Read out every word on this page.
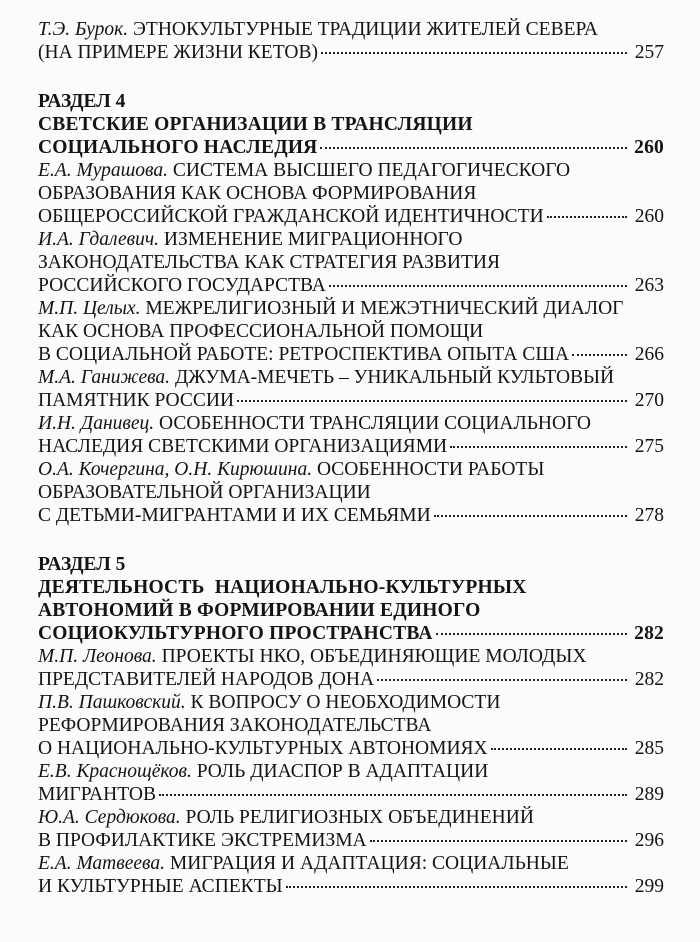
Т.Э. Бурок. ЭТНОКУЛЬТУРНЫЕ ТРАДИЦИИ ЖИТЕЛЕЙ СЕВЕРА
(НА ПРИМЕРЕ ЖИЗНИ КЕТОВ)	257
РАЗДЕЛ 4
СВЕТСКИЕ ОРГАНИЗАЦИИ В ТРАНСЛЯЦИИ
СОЦИАЛЬНОГО НАСЛЕДИЯ	260
Е.А. Мурашова. СИСТЕМА ВЫСШЕГО ПЕДАГОГИЧЕСКОГО
ОБРАЗОВАНИЯ КАК ОСНОВА ФОРМИРОВАНИЯ
ОБЩЕРОССИЙСКОЙ ГРАЖДАНСКОЙ ИДЕНТИЧНОСТИ	260
И.А. Гдалевич. ИЗМЕНЕНИЕ МИГРАЦИОННОГО
ЗАКОНОДАТЕЛЬСТВА КАК СТРАТЕГИЯ РАЗВИТИЯ
РОССИЙСКОГО ГОСУДАРСТВА	263
М.П. Целых. МЕЖРЕЛИГИОЗНЫЙ И МЕЖЭТНИЧЕСКИЙ ДИАЛОГ
КАК ОСНОВА ПРОФЕССИОНАЛЬНОЙ ПОМОЩИ
В СОЦИАЛЬНОЙ РАБОТЕ: РЕТРОСПЕКТИВА ОПЫТА США	266
М.А. Ганижева. ДЖУМА-МЕЧЕТЬ – УНИКАЛЬНЫЙ КУЛЬТОВЫЙ
ПАМЯТНИК РОССИИ	270
И.Н. Данивец. ОСОБЕННОСТИ ТРАНСЛЯЦИИ СОЦИАЛЬНОГО
НАСЛЕДИЯ СВЕТСКИМИ ОРГАНИЗАЦИЯМИ	275
О.А. Кочергина, О.Н. Кирюшина. ОСОБЕННОСТИ РАБОТЫ
ОБРАЗОВАТЕЛЬНОЙ ОРГАНИЗАЦИИ
С ДЕТЬМИ-МИГРАНТАМИ И ИХ СЕМЬЯМИ	278
РАЗДЕЛ 5
ДЕЯТЕЛЬНОСТЬ  НАЦИОНАЛЬНО-КУЛЬТУРНЫХ
АВТОНОМИЙ В ФОРМИРОВАНИИ ЕДИНОГО
СОЦИОКУЛЬТУРНОГО ПРОСТРАНСТВА	282
М.П. Леонова. ПРОЕКТЫ НКО, ОБЪЕДИНЯЮЩИЕ МОЛОДЫХ
ПРЕДСТАВИТЕЛЕЙ НАРОДОВ ДОНА	282
П.В. Пашковский. К ВОПРОСУ О НЕОБХОДИМОСТИ
РЕФОРМИРОВАНИЯ ЗАКОНОДАТЕЛЬСТВА
О НАЦИОНАЛЬНО-КУЛЬТУРНЫХ АВТОНОМИЯХ	285
Е.В. Краснощёков. РОЛЬ ДИАСПОР В АДАПТАЦИИ
МИГРАНТОВ	289
Ю.А. Сердюкова. РОЛЬ РЕЛИГИОЗНЫХ ОБЪЕДИНЕНИЙ
В ПРОФИЛАКТИКЕ ЭКСТРЕМИЗМА	296
Е.А. Матвеева. МИГРАЦИЯ И АДАПТАЦИЯ: СОЦИАЛЬНЫЕ
И КУЛЬТУРНЫЕ АСПЕКТЫ	299
